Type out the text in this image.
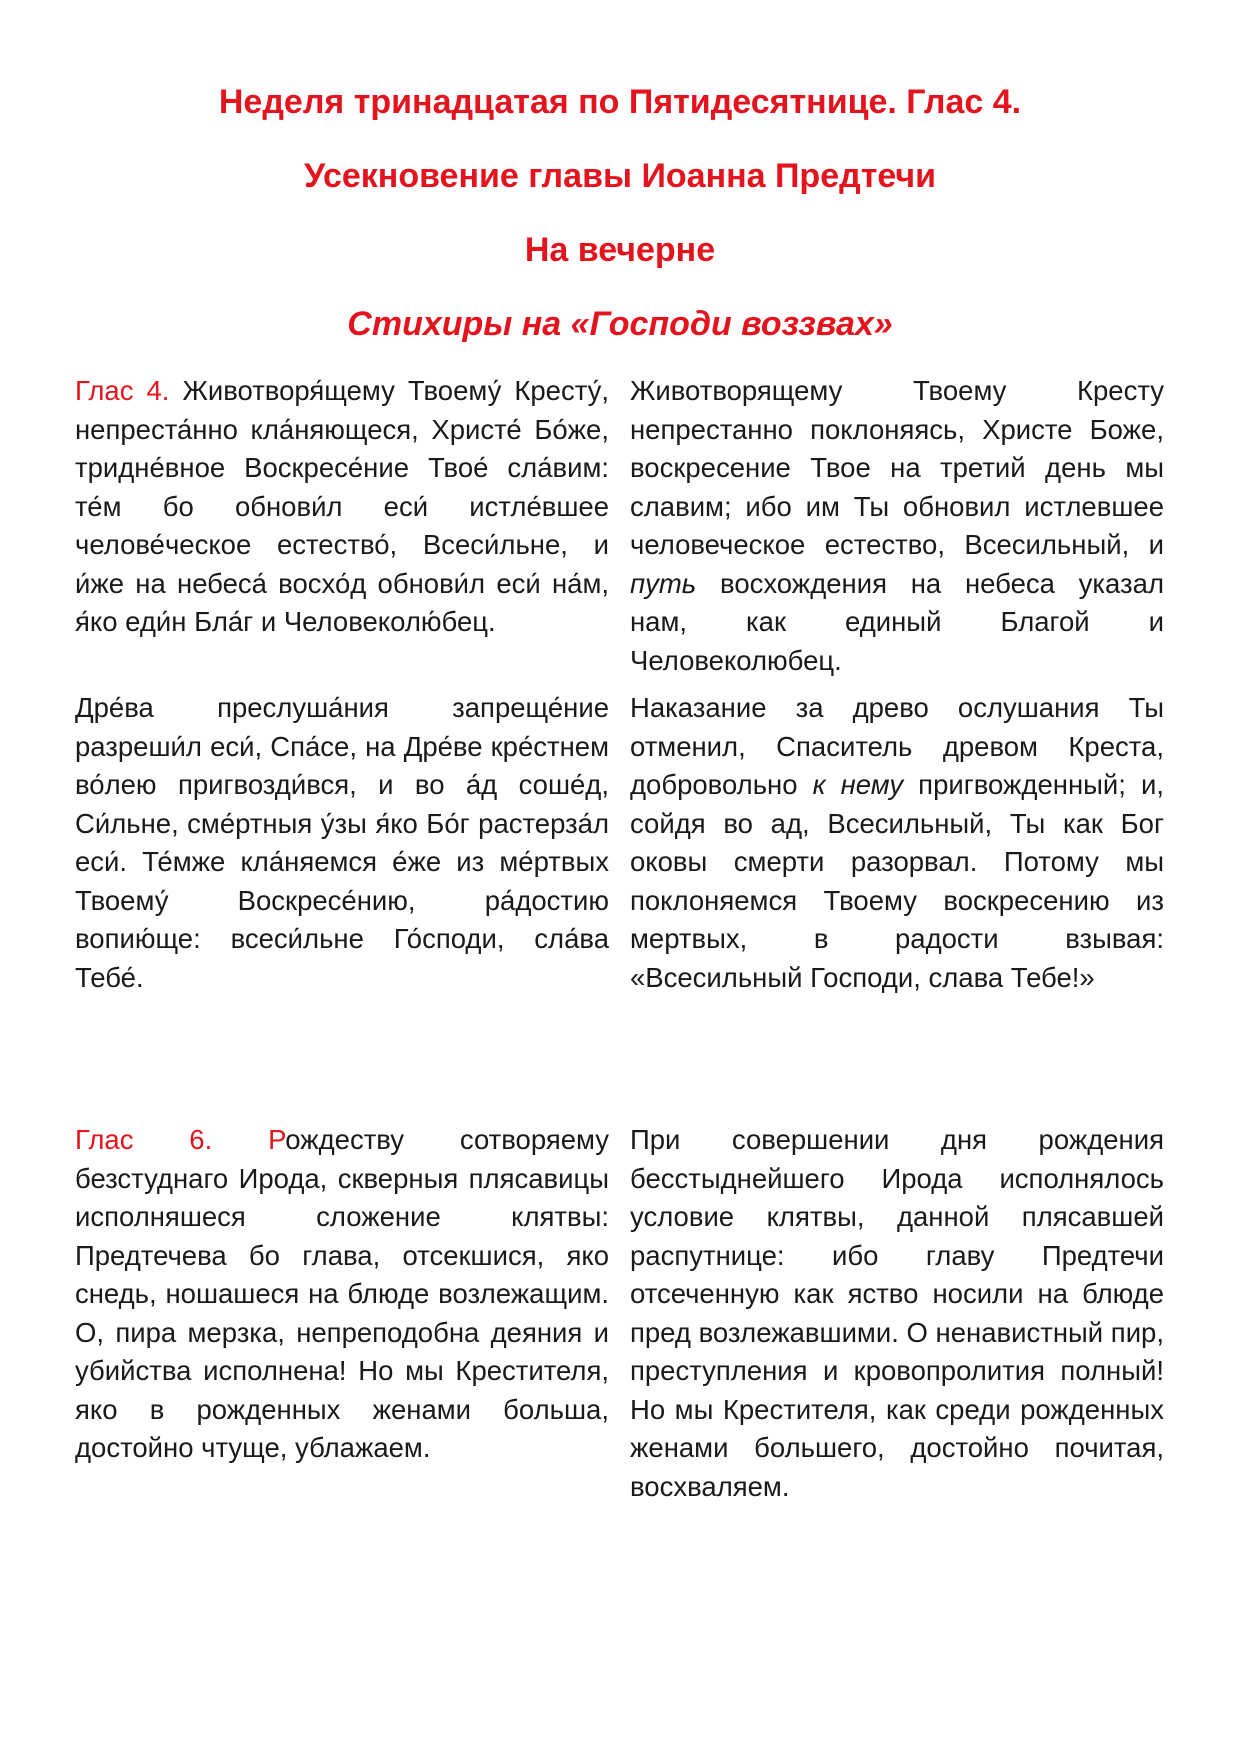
Неделя тринадцатая по Пятидесятнице. Глас 4.
Усекновение главы Иоанна Предтечи
На вечерне
Стихиры на «Господи воззвах»

Глас 4. Животворя́щему Твоему́ Кресту́, непреста́нно кла́няющеся, Христе́ Бо́же, тридне́вное Воскресе́ние Твое́ сла́вим: те́м бо обнови́л еси́ истле́вшее челове́ческое естество́, Всеси́льне, и и́же на небеса́ восхо́д обнови́л еси́ на́м, я́ко еди́н Бла́г и Человеколю́бец.

Животворящему Твоему Кресту непрестанно поклоняясь, Христе Боже, воскресение Твое на третий день мы славим; ибо им Ты обновил истлевшее человеческое естество, Всесильный, и путь восхождения на небеса указал нам, как единый Благой и Человеколюбец.

Дре́ва преслуша́ния запреще́ние разреши́л еси́, Спа́се, на Дре́ве кре́стнем во́лею пригвозди́вся, и во а́д соше́д, Си́льне, сме́ртныя у́зы я́ко Бо́г растерза́л еси́. Те́мже кла́няемся е́же из ме́ртвых Твоему́ Воскресе́нию, ра́достию вопию́ще: всеси́льне Го́споди, сла́ва Тебе́.

Наказание за древо ослушания Ты отменил, Спаситель древом Креста, добровольно к нему пригвожденный; и, сойдя во ад, Всесильный, Ты как Бог оковы смерти разорвал. Потому мы поклоняемся Твоему воскресению из мертвых, в радости взывая: «Всесильный Господи, слава Тебе!»

Глас 6. Рождеству сотворяему безстуднаго Ирода, скверныя плясавицы исполняшеся сложение клятвы: Предтечева бо глава, отсекшися, яко снедь, ношашеся на блюде возлежащим. О, пира мерзка, непреподобна деяния и убийства исполнена! Но мы Крестителя, яко в рожденных женами больша, достойно чтуще, ублажаем.

При совершении дня рождения бесстыднейшего Ирода исполнялось условие клятвы, данной плясавшей распутнице: ибо главу Предтечи отсеченную как яство носили на блюде пред возлежавшими. О ненавистный пир, преступления и кровопролития полный! Но мы Крестителя, как среди рожденных женами большего, достойно почитая, восхваляем.
